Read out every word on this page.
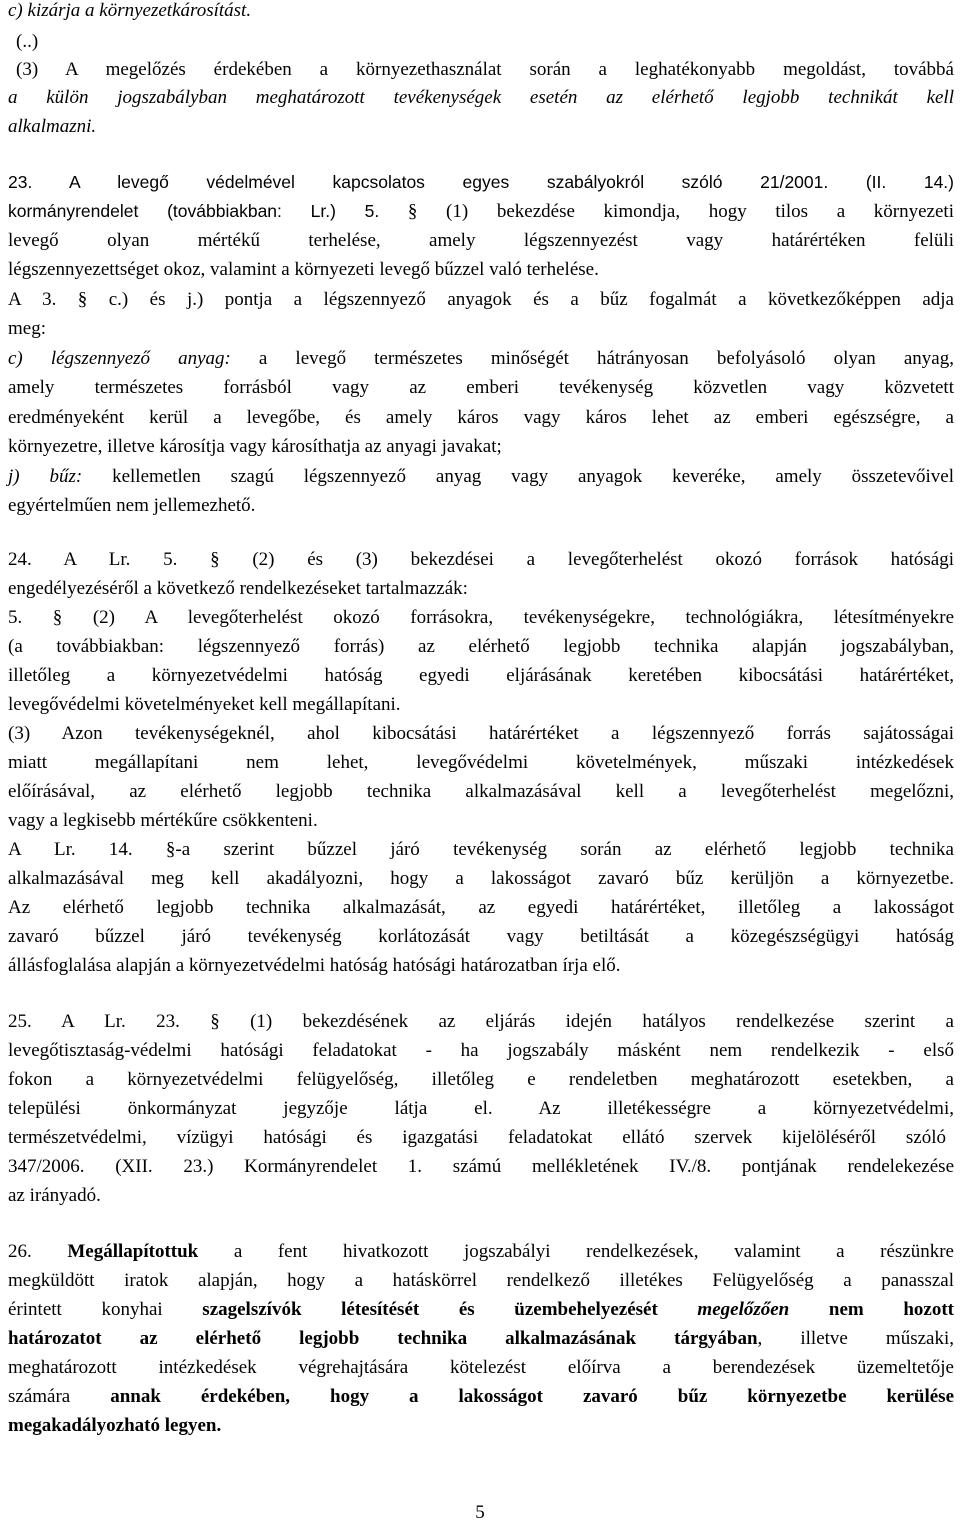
c) kizárja a környezetkárosítást.
(..)
(3) A megelőzés érdekében a környezethasználat során a leghatékonyabb megoldást, továbbá
a külön jogszabályban meghatározott tevékenységek esetén az elérhető legjobb technikát kell
alkalmazni.
23. A levegő védelmével kapcsolatos egyes szabályokról szóló 21/2001. (II. 14.)
kormányrendelet (továbbiakban: Lr.) 5. § (1) bekezdése kimondja, hogy tilos a környezeti
levegő olyan mértékű terhelése, amely légszennyezést vagy határértéken felüli
légszennyezettséget okoz, valamint a környezeti levegő bűzzel való terhelése.
A 3. § c.) és j.) pontja a légszennyező anyagok és a bűz fogalmát a következőképpen adja
meg:
c) légszennyező anyag: a levegő természetes minőségét hátrányosan befolyásoló olyan anyag,
amely természetes forrásból vagy az emberi tevékenység közvetlen vagy közvetett
eredményeként kerül a levegőbe, és amely káros vagy káros lehet az emberi egészségre, a
környezetre, illetve károsítja vagy károsíthatja az anyagi javakat;
j) bűz: kellemetlen szagú légszennyező anyag vagy anyagok keveréke, amely összetevőivel
egyértelműen nem jellemezhető.
24. A Lr. 5. § (2) és (3) bekezdései a levegőterhelést okozó források hatósági
engedélyezéséről a következő rendelkezéseket tartalmazzák:
5. § (2) A levegőterhelést okozó forrásokra, tevékenységekre, technológiákra, létesítményekre
(a továbbiakban: légszennyező forrás) az elérhető legjobb technika alapján jogszabályban,
illetőleg a környezetvédelmi hatóság egyedi eljárásának keretében kibocsátási határértéket,
levegővédelmi követelményeket kell megállapítani.
(3) Azon tevékenységeknél, ahol kibocsátási határértéket a légszennyező forrás sajátosságai
miatt megállapítani nem lehet, levegővédelmi követelmények, műszaki intézkedések
előírásával, az elérhető legjobb technika alkalmazásával kell a levegőterhelést megelőzni,
vagy a legkisebb mértékűre csökkenteni.
A Lr. 14. §-a szerint bűzzel járó tevékenység során az elérhető legjobb technika
alkalmazásával meg kell akadályozni, hogy a lakosságot zavaró bűz kerüljön a környezetbe.
Az elérhető legjobb technika alkalmazását, az egyedi határértéket, illetőleg a lakosságot
zavaró bűzzel járó tevékenység korlátozását vagy betiltását a közegészségügyi hatóság
állásfoglalása alapján a környezetvédelmi hatóság hatósági határozatban írja elő.
25. A Lr. 23. § (1) bekezdésének az eljárás idején hatályos rendelkezése szerint a
levegőtisztaság-védelmi hatósági feladatokat - ha jogszabály másként nem rendelkezik - első
fokon a környezetvédelmi felügyelőség, illetőleg e rendeletben meghatározott esetekben, a
települési önkormányzat jegyzője látja el. Az illetékességre a környezetvédelmi,
természetvédelmi, vízügyi hatósági és igazgatási feladatokat ellátó szervek kijelöléséről szóló
347/2006. (XII. 23.) Kormányrendelet 1. számú mellékletének IV./8. pontjának rendelekezése
az irányadó.
26. Megállapítottuk a fent hivatkozott jogszabályi rendelkezések, valamint a részünkre
megküldött iratok alapján, hogy a hatáskörrel rendelkező illetékes Felügyelőség a panasszal
érintett konyhai szagelszívók létesítését és üzembehelyezését megelőzően nem hozott
határozatot az elérhető legjobb technika alkalmazásának tárgyában, illetve műszaki,
meghatározott intézkedések végrehajtására kötelezést előírva a berendezések üzemeltetője
számára annak érdekében, hogy a lakosságot zavaró bűz környezetbe kerülése
megakadályozható legyen.
5
